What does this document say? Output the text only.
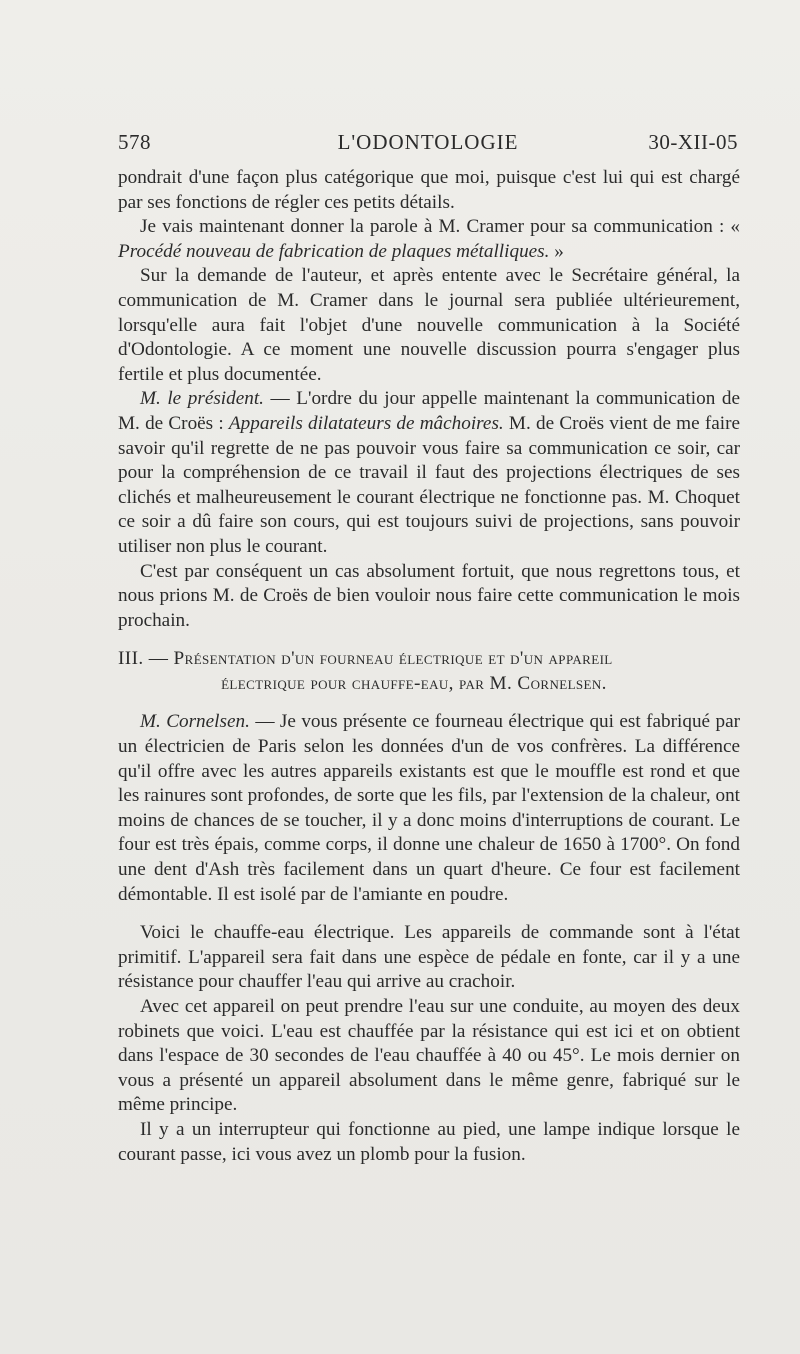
578	L'ODONTOLOGIE	30-XII-05

pondrait d'une façon plus catégorique que moi, puisque c'est lui qui est chargé par ses fonctions de régler ces petits détails.

Je vais maintenant donner la parole à M. Cramer pour sa communication : « Procédé nouveau de fabrication de plaques métalliques. »

Sur la demande de l'auteur, et après entente avec le Secrétaire général, la communication de M. Cramer dans le journal sera publiée ultérieurement, lorsqu'elle aura fait l'objet d'une nouvelle communication à la Société d'Odontologie. A ce moment une nouvelle discussion pourra s'engager plus fertile et plus documentée.

M. le président. — L'ordre du jour appelle maintenant la communication de M. de Croës : Appareils dilatateurs de mâchoires. M. de Croës vient de me faire savoir qu'il regrette de ne pas pouvoir vous faire sa communication ce soir, car pour la compréhension de ce travail il faut des projections électriques de ses clichés et malheureusement le courant électrique ne fonctionne pas. M. Choquet ce soir a dû faire son cours, qui est toujours suivi de projections, sans pouvoir utiliser non plus le courant.

C'est par conséquent un cas absolument fortuit, que nous regrettons tous, et nous prions M. de Croës de bien vouloir nous faire cette communication le mois prochain.

III. — Présentation d'un fourneau électrique et d'un appareil
électrique pour chauffe-eau, par M. Cornelsen.

M. Cornelsen. — Je vous présente ce fourneau électrique qui est fabriqué par un électricien de Paris selon les données d'un de vos confrères. La différence qu'il offre avec les autres appareils existants est que le mouffle est rond et que les rainures sont profondes, de sorte que les fils, par l'extension de la chaleur, ont moins de chances de se toucher, il y a donc moins d'interruptions de courant. Le four est très épais, comme corps, il donne une chaleur de 1650 à 1700°. On fond une dent d'Ash très facilement dans un quart d'heure. Ce four est facilement démontable. Il est isolé par de l'amiante en poudre.

Voici le chauffe-eau électrique. Les appareils de commande sont à l'état primitif. L'appareil sera fait dans une espèce de pédale en fonte, car il y a une résistance pour chauffer l'eau qui arrive au crachoir.

Avec cet appareil on peut prendre l'eau sur une conduite, au moyen des deux robinets que voici. L'eau est chauffée par la résistance qui est ici et on obtient dans l'espace de 30 secondes de l'eau chauffée à 40 ou 45°. Le mois dernier on vous a présenté un appareil absolument dans le même genre, fabriqué sur le même principe.

Il y a un interrupteur qui fonctionne au pied, une lampe indique lorsque le courant passe, ici vous avez un plomb pour la fusion.
